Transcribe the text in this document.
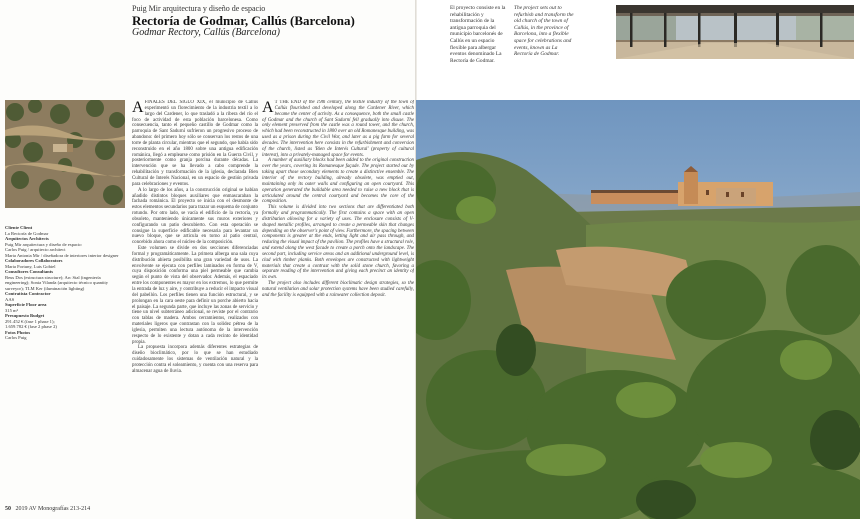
Puig Mir arquitectura y diseño de espacio
Rectoría de Godmar, Callús (Barcelona)
Godmar Rectory, Callús (Barcelona)
El proyecto consiste en la rehabilitación y transformación de la antigua parroquia del municipio barcelonés de Callús en un espacio flexible para albergar eventos denominado La Rectoría de Godmar.
The project sets out to refurbish and transform the old church of the town of Callús, in the province of Barcelona, into a flexible space for celebrations and events, known as La Rectoría de Godmar.
Cliente Client
La Rectoría de Godmar
Arquitectos Architects
Puig Mir arquitectura y diseño de espacio
Carlos Puig / arquitecto architect
Marta Antonia Mir / diseñadora de interiores interior designer
Colaboradores Collaborators
Maria Fortuny, Luis Gobiel
Consultores Consultants
Beus Dos (estructura structure); Arc Stal (ingeniería engineering); Sonia Vilanda (arquitecto técnico quantity surveyor); TLM Ker (iluminación lighting)
Contratista Contractor
AAS
Superficie Floor area
315 m²
Presupuesto Budget
291.452 € (fase 1 phase 1);
1.659.782 € (fase 2 phase 2)
Fotos Photos
Carlos Puig

A FINALES DEL SIGLO XIX, el municipio de Callús experimentó un florecimiento de la industria textil a lo largo del Cardener, lo que trasladó a la ribera del río el foco de actividad de esta población barcelonesa. Como consecuencia, tanto el pequeño castillo de Godmar como la parroquia de Sant Sadurní sufrieron un progresivo proceso de abandono: del primero hoy sólo se conservan los restos de una torre de planta circular, mientras que el segundo, que había sido reconstruido en el año 1800 sobre una antigua edificación románica, llegó a emplearse como prisión en la Guerra Civil, y posteriormente como granja porcina durante décadas. La intervención que se ha llevado a cabo comprende la rehabilitación y transformación de la iglesia, declarada Bien Cultural de Interés Nacional, en un espacio de gestión privada para celebraciones y eventos.

A lo largo de los años, a la construcción original se habían añadido distintos bloques auxiliares que enmascaraban la fachada románica. El proyecto se inicia con el desmonte de estos elementos secundarios para trazar un esquema de conjunto rotundo. Por otro lado, se vacía el edificio de la rectoría, ya obsoleto, manteniendo únicamente sus muros exteriores y configurando un patio descubierto. Con esta operación se consigue la superficie edificable necesaria para levantar un nuevo bloque, que se articula en torno al patio central, concebido ahora como el núcleo de la composición.

Este volumen se divide en dos secciones diferenciadas formal y programáticamente. La primera alberga una sala cuya distribución abierta posibilita una gran variedad de usos. La envolvente se ejecuta con perfiles laminados en forma de V, cuya disposición conforma una piel permeable que cambia según el punto de vista del observador. Además, el espaciado entre los componentes es mayor en los extremos, lo que permite la entrada de luz y aire, y contribuye a reducir el impacto visual del pabellón. Los perfiles tienen una función estructural, y se prolongan en la cara oeste para definir un porche abierto hacia el paisaje. La segunda parte, que incluye las zonas de servicio y tiene un nivel subterráneo adicional, se reviste por el contrario con tablas de madera. Ambos cerramientos, realizados con materiales ligeros que contrastan con la solidez pétrea de la iglesia, permiten una lectura autónoma de la intervención respecto de lo existente y dotan a cada recinto de identidad propia.

La propuesta incorpora además diferentes estrategias de diseño bioclimático, por lo que se han estudiado cuidadosamente los sistemas de ventilación natural y la protección contra el soleamiento, y cuenta con una reserva para almacenar agua de lluvia.

A T THE END of the 19th century, the textile industry of the town of Callús flourished and developed along the Cardener River, which became the center of activity. As a consequence, both the small castle of Godmar and the church of Sant Sadurní fell gradually into disuse. The only element preserved from the castle was a round tower, and the church, which had been reconstructed in 1800 over an old Romanesque building, was used as a prison during the Civil War, and later as a pig farm for several decades. The intervention here consists in the refurbishment and conversion of the church, listed as 'Bien de Interés Cultural' (property of cultural interest), into a privately-managed space for events.

A number of auxiliary blocks had been added to the original construction over the years, covering its Romanesque façade. The project started out by taking apart those secondary elements to create a distinctive ensemble. The interior of the rectory building, already obsolete, was emptied out, maintaining only its outer walls and configuring an open courtyard. This operation generated the buildable area needed to raise a new block that is articulated around the central courtyard and becomes the core of the composition.

This volume is divided into two sections that are differentiated both formally and programmatically. The first contains a space with an open distribution allowing for a variety of uses. The enclosure consists of V-shaped metallic profiles, arranged to create a permeable skin that changes depending on the observer's point of view. Furthermore, the spacing between components is greater at the ends, letting light and air pass through, and reducing the visual impact of the pavilion. The profiles have a structural role, and extend along the west facade to create a porch onto the landscape. The second part, including service areas and an additional underground level, is clad with timber planks. Both envelopes are constructed with lightweight materials that create a contrast with the solid stone church, favoring a separate reading of the intervention and giving each precinct an identity of its own.

The project also includes different bioclimatic design strategies, so the natural ventilation and solar protection systems have been studied carefully, and the facility is equipped with a rainwater collection deposit.

50 2019 AV Monografías 213-214
